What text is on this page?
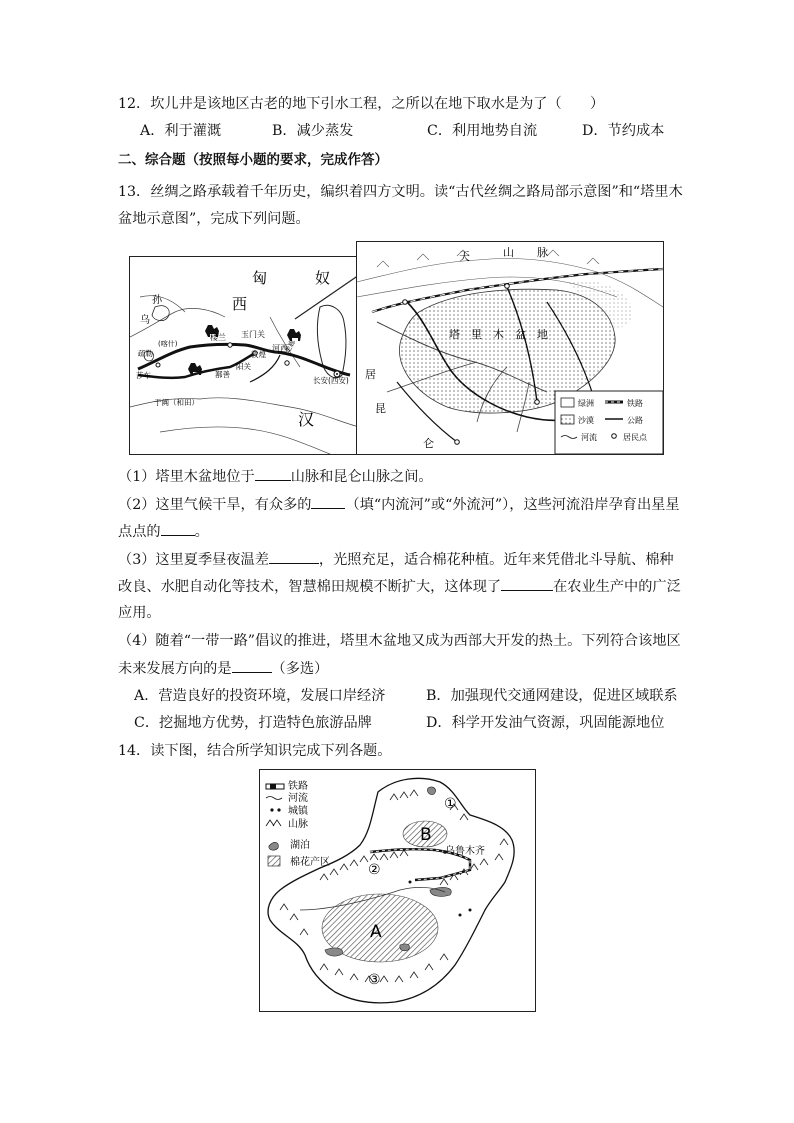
12．坎儿井是该地区古老的地下引水工程，之所以在地下取水是为了（　　）
A．利于灌溉	B．减少蒸发	C．利用地势自流	D．节约成本
二、综合题（按照每小题的要求，完成作答）
13．丝绸之路承载着千年历史，编织着四方文明。读“古代丝绸之路局部示意图”和“塔里木
盆地示意图”，完成下列问题。
匈	奴
西
孙
乌
楼兰 玉门关
(喀什)
疏勒	敦煌
河西
走廊
莎车
阳关
鄯善
长安(西安)
于阗（和田）
汉
天	山 脉
塔　里　木　盆　地
居
昆
仑
绿洲	铁路
沙漠	公路
河流	居民点
（1）塔里木盆地位于	山脉和昆仑山脉之间。
（2）这里气候干旱，有众多的 （填“内流河”或“外流河”），这些河流沿岸孕育出星星
点点的 。
（3）这里夏季昼夜温差	，光照充足，适合棉花种植。近年来凭借北斗导航、棉种
改良、水肥自动化等技术，智慧棉田规模不断扩大，这体现了	在农业生产中的广泛
应用。
（4）随着“一带一路”倡议的推进，塔里木盆地又成为西部大开发的热土。下列符合该地区
未来发展方向的是	（多选）
A．营造良好的投资环境，发展口岸经济	B．加强现代交通网建设，促进区域联系
C．挖掘地方优势，打造特色旅游品牌	D．科学开发油气资源，巩固能源地位
14．读下图，结合所学知识完成下列各题。
铁路
河流
城镇
山脉
湖泊
棉花产区
B
A
乌鲁木齐
①
②
③
